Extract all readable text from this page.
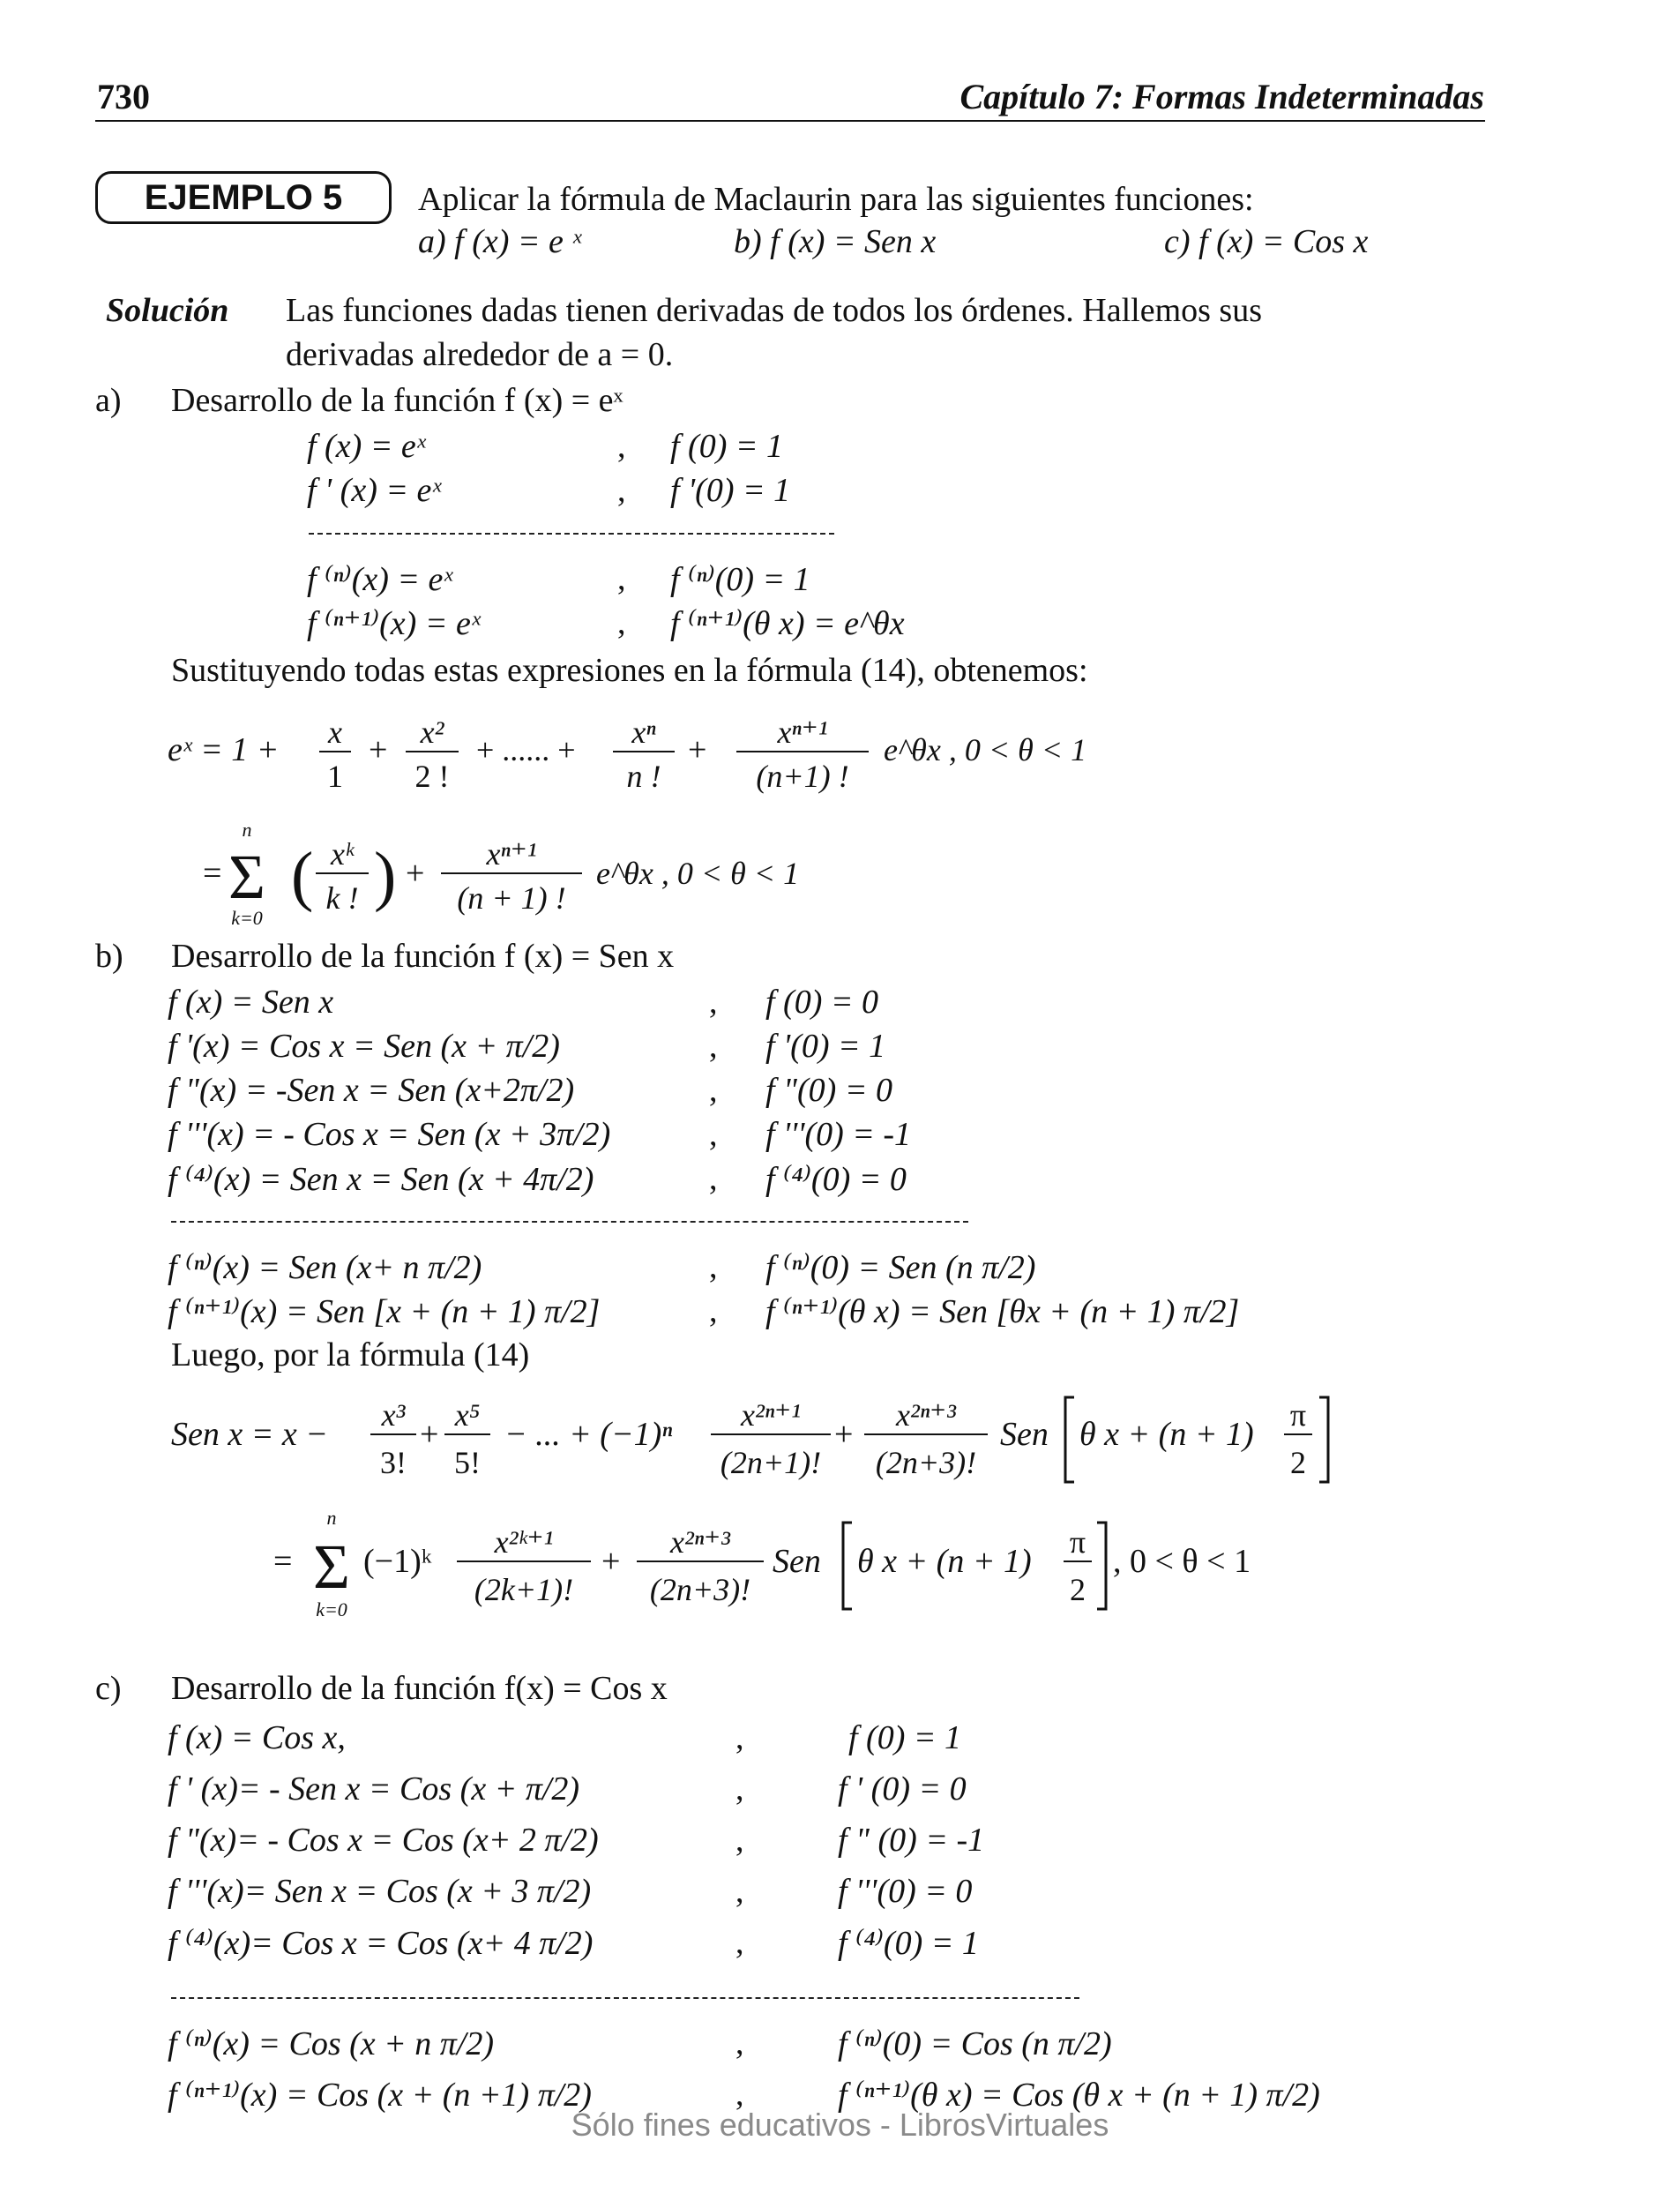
730	Capítulo 7: Formas Indeterminadas
EJEMPLO 5	Aplicar la fórmula de Maclaurin para las siguientes funciones:
a) f (x) = e ˣ	b) f (x) = Sen x	c) f (x) = Cos x
Solución Las funciones dadas tienen derivadas de todos los órdenes. Hallemos sus
derivadas alrededor de a = 0.
a) Desarrollo de la función f (x) = eˣ
f (x) = eˣ	, f (0) = 1
f ' (x) = eˣ	, f '(0) = 1
f ⁽ⁿ⁾(x) = eˣ	, f ⁽ⁿ⁾(0) = 1
f ⁽ⁿ⁺¹⁾(x) = eˣ	, f ⁽ⁿ⁺¹⁾(θ x) = e^θx
Sustituyendo todas estas expresiones en la fórmula (14), obtenemos:
eˣ = 1 + x
1
+ x²
2 !
+ ...... + xⁿ
n !
+ xⁿ⁺¹
(n+1) !
e^θx , 0 < θ < 1
=
n
Σ
k=0
( xᵏ
k ! ) +
xⁿ⁺¹
(n + 1) !
e^θx , 0 < θ < 1
b) Desarrollo de la función f (x) = Sen x
f (x) = Sen x	, f (0) = 0
f '(x) = Cos x = Sen (x + π/2)	, f '(0) = 1
f "(x) = -Sen x = Sen (x+2π/2)	, f "(0) = 0
f '''(x) = - Cos x = Sen (x + 3π/2)	, f '''(0) = -1
f ⁽⁴⁾(x) = Sen x = Sen (x + 4π/2)	, f ⁽⁴⁾(0) = 0
f ⁽ⁿ⁾(x) = Sen (x+ n π/2)	, f ⁽ⁿ⁾(0) = Sen (n π/2)
f ⁽ⁿ⁺¹⁾(x) = Sen [x + (n + 1) π/2]	, f ⁽ⁿ⁺¹⁾(θ x) = Sen [θx + (n + 1) π/2]
Luego, por la fórmula (14)
Sen x = x −
x³
3!
+
x⁵
5!
− ... + (−1)ⁿ
x²ⁿ⁺¹
(2n+1)!
+
x²ⁿ⁺³
(2n+3)!
Sen θ x + (n + 1)
π
2
=
n
Σ
k=0
(−1)ᵏ
x²ᵏ⁺¹
(2k+1)!
+
x²ⁿ⁺³
(2n+3)!
Sen θ x + (n + 1)
π
2
, 0 < θ < 1
c) Desarrollo de la función f(x) = Cos x
f (x) = Cos x,	,	f (0) = 1
f ' (x)= - Sen x = Cos (x + π/2)	,	f ' (0) = 0
f "(x)= - Cos x = Cos (x+ 2 π/2)	,	f " (0) = -1
f '''(x)= Sen x = Cos (x + 3 π/2)	,	f '''(0) = 0
f ⁽⁴⁾(x)= Cos x = Cos (x+ 4 π/2)	,	f ⁽⁴⁾(0) = 1
f ⁽ⁿ⁾(x) = Cos (x + n π/2)	,	f ⁽ⁿ⁾(0) = Cos (n π/2)
f ⁽ⁿ⁺¹⁾(x) = Cos (x + (n +1) π/2)	,	f ⁽ⁿ⁺¹⁾(θ x) = Cos (θ x + (n + 1) π/2)
Sólo fines educativos - LibrosVirtuales
